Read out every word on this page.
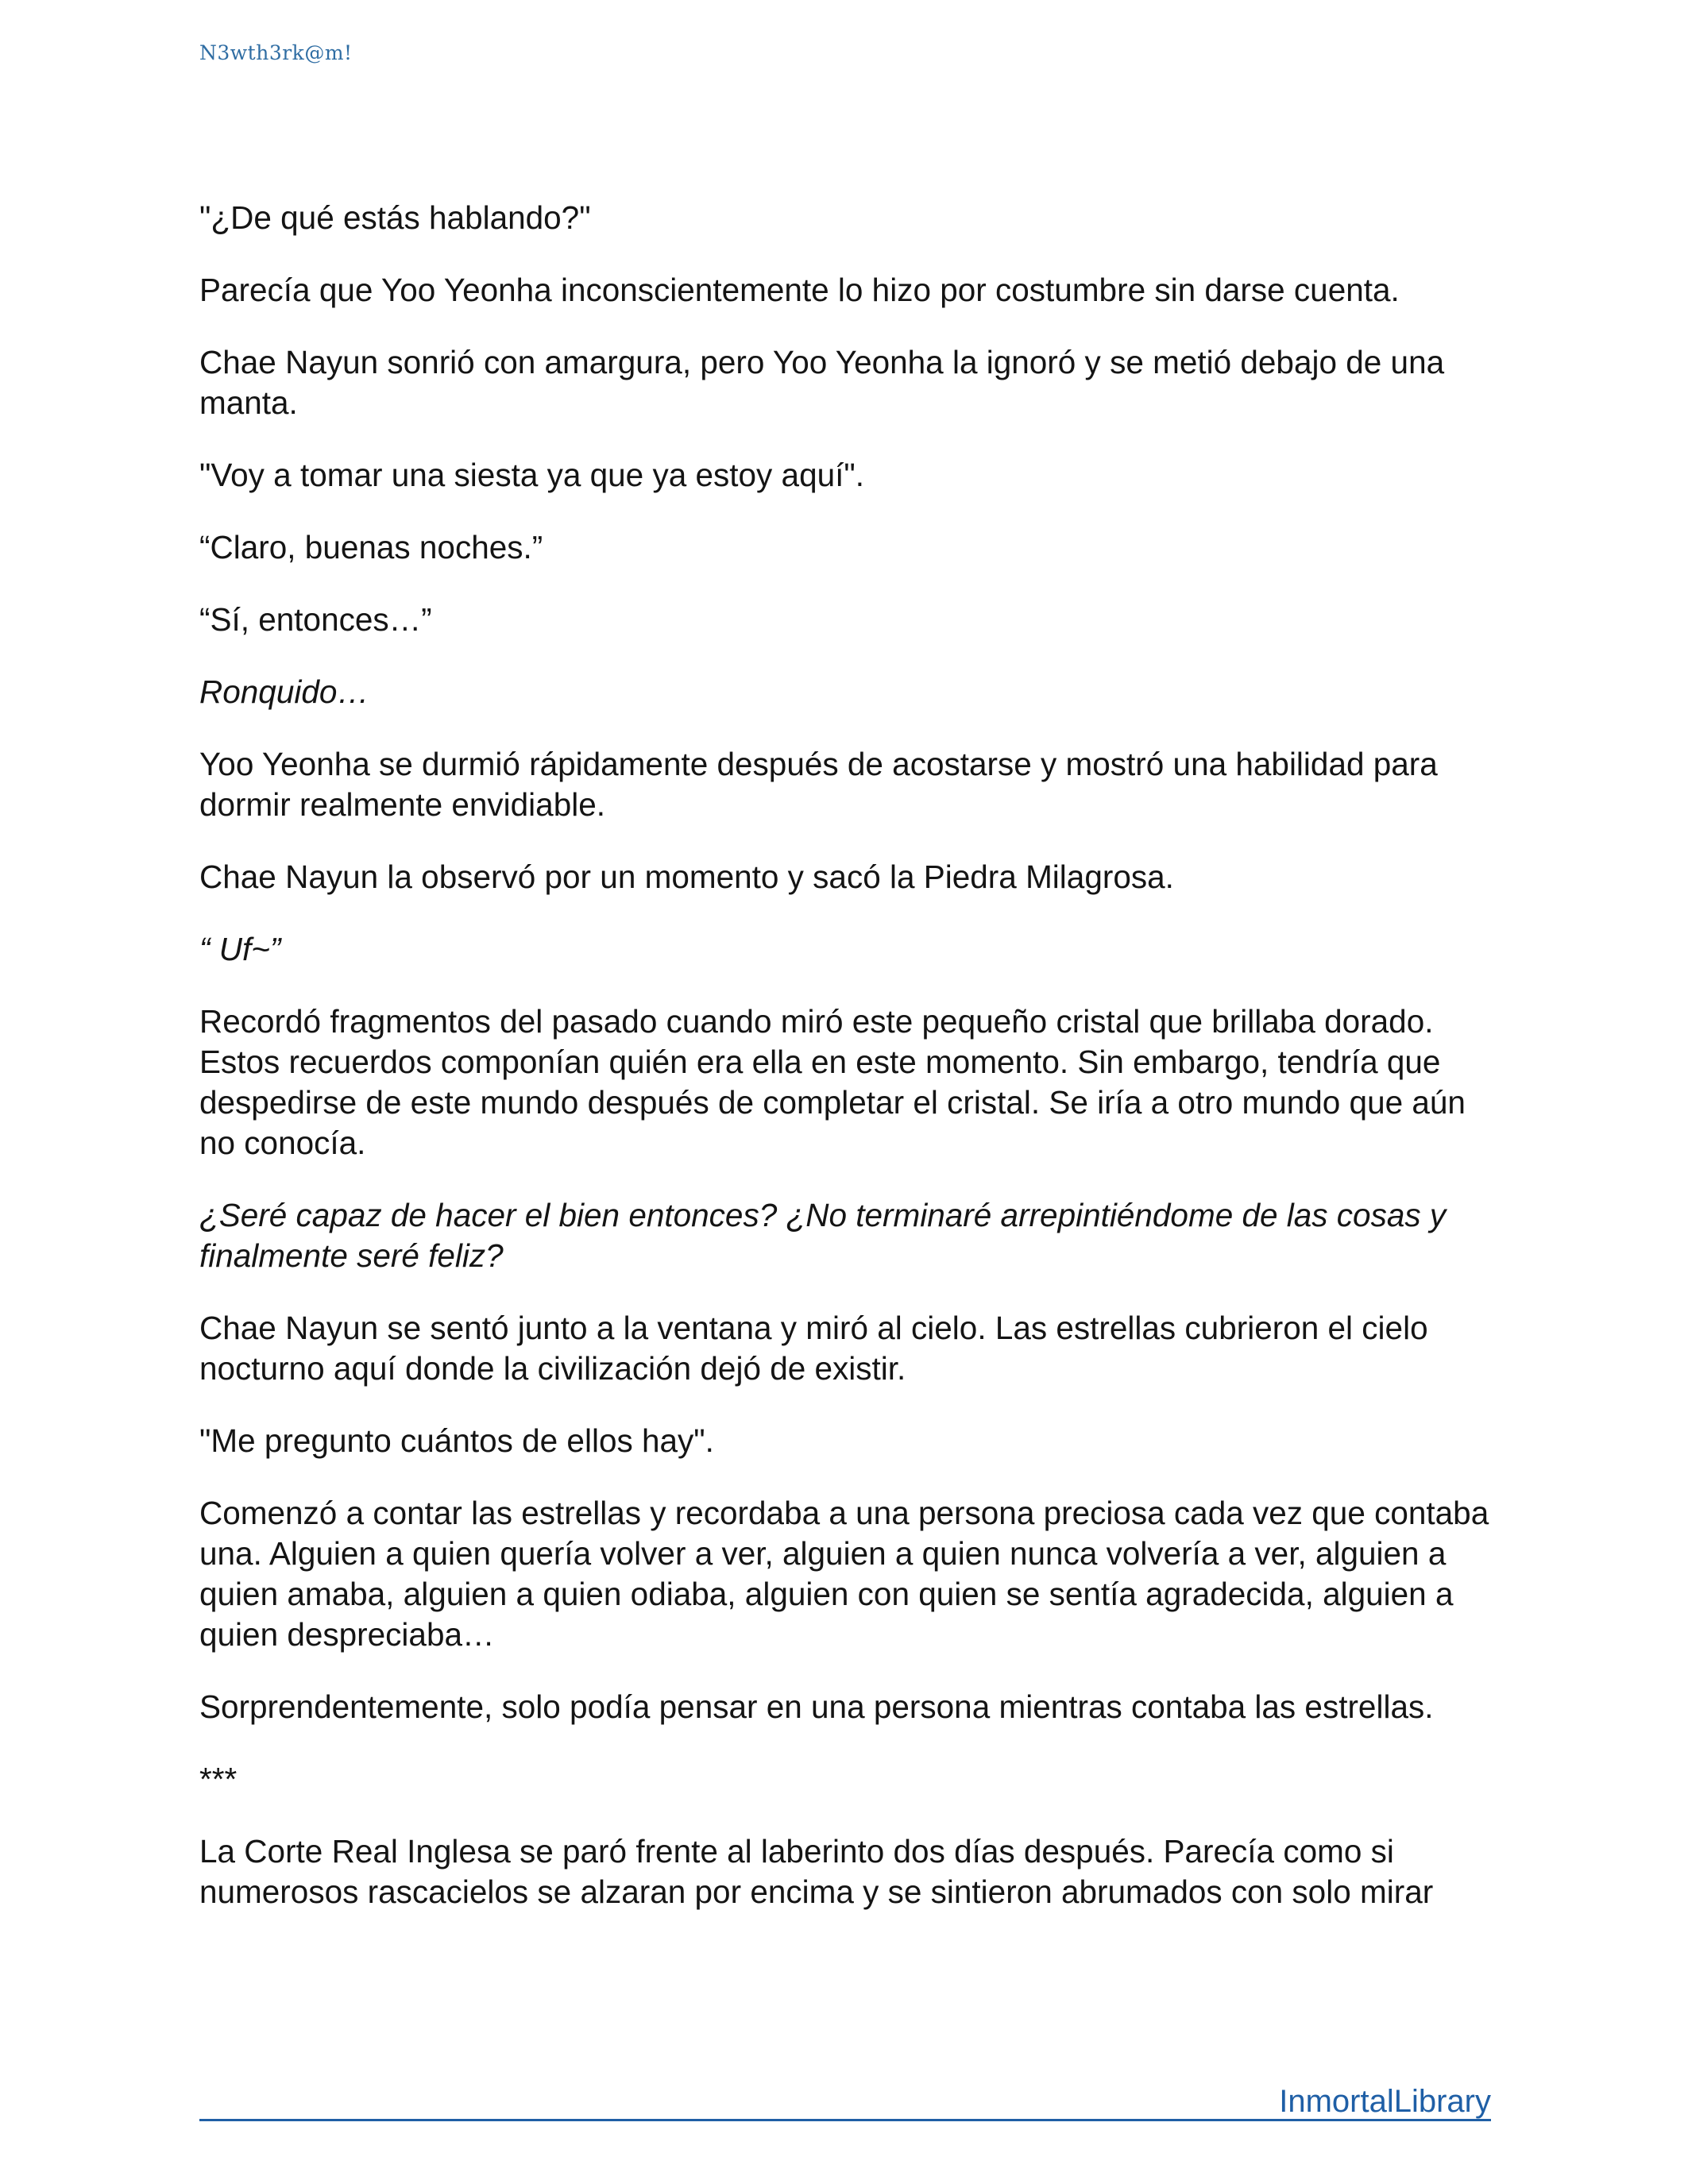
N3wth3rk@m!

"¿De qué estás hablando?"

Parecía que Yoo Yeonha inconscientemente lo hizo por costumbre sin darse cuenta.

Chae Nayun sonrió con amargura, pero Yoo Yeonha la ignoró y se metió debajo de una manta.

"Voy a tomar una siesta ya que ya estoy aquí".

“Claro, buenas noches.”

“Sí, entonces…”

Ronquido…

Yoo Yeonha se durmió rápidamente después de acostarse y mostró una habilidad para dormir realmente envidiable.

Chae Nayun la observó por un momento y sacó la Piedra Milagrosa.

“ Uf~”

Recordó fragmentos del pasado cuando miró este pequeño cristal que brillaba dorado. Estos recuerdos componían quién era ella en este momento. Sin embargo, tendría que despedirse de este mundo después de completar el cristal. Se iría a otro mundo que aún no conocía.

¿Seré capaz de hacer el bien entonces? ¿No terminaré arrepintiéndome de las cosas y finalmente seré feliz?

Chae Nayun se sentó junto a la ventana y miró al cielo. Las estrellas cubrieron el cielo nocturno aquí donde la civilización dejó de existir.

"Me pregunto cuántos de ellos hay".

Comenzó a contar las estrellas y recordaba a una persona preciosa cada vez que contaba una. Alguien a quien quería volver a ver, alguien a quien nunca volvería a ver, alguien a quien amaba, alguien a quien odiaba, alguien con quien se sentía agradecida, alguien a quien despreciaba…

Sorprendentemente, solo podía pensar en una persona mientras contaba las estrellas.

***

La Corte Real Inglesa se paró frente al laberinto dos días después. Parecía como si numerosos rascacielos se alzaran por encima y se sintieron abrumados con solo mirar

InmortalLibrary
